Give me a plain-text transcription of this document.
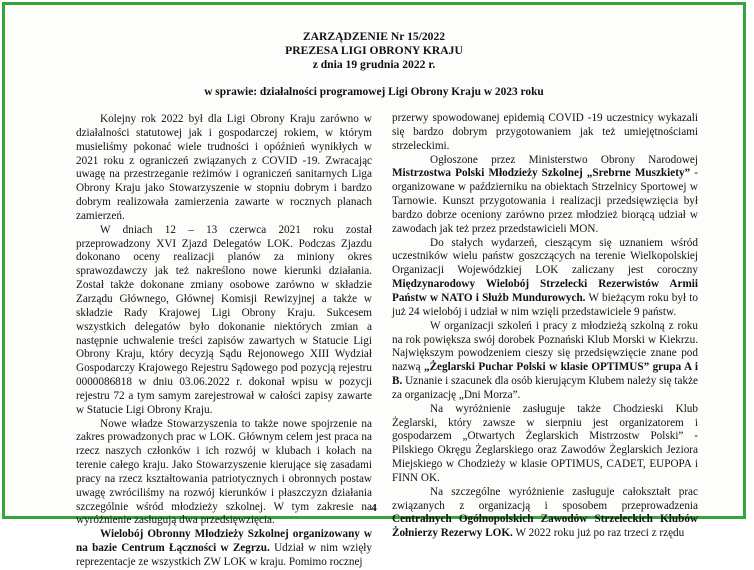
ZARZĄDZENIE Nr 15/2022
PREZESA LIGI OBRONY KRAJU
z dnia 19 grudnia 2022 r.
w sprawie: działalności programowej Ligi Obrony Kraju w 2023 roku

Kolejny rok 2022 był dla Ligi Obrony Kraju zarówno w działalności statutowej jak i gospodarczej rokiem, w którym musieliśmy pokonać wiele trudności i opóźnień wynikłych w 2021 roku z ograniczeń związanych z COVID -19. Zwracając uwagę na przestrzeganie reżimów i ograniczeń sanitarnych Liga Obrony Kraju jako Stowarzyszenie w stopniu dobrym i bardzo dobrym realizowała zamierzenia zawarte w rocznych planach zamierzeń.

W dniach 12 – 13 czerwca 2021 roku został przeprowadzony XVI Zjazd Delegatów LOK. Podczas Zjazdu dokonano oceny realizacji planów za miniony okres sprawozdawczy jak też nakreślono nowe kierunki działania. Został także dokonane zmiany osobowe zarówno w składzie Zarządu Głównego, Głównej Komisji Rewizyjnej a także w składzie Rady Krajowej Ligi Obrony Kraju. Sukcesem wszystkich delegatów było dokonanie niektórych zmian a następnie uchwalenie treści zapisów zawartych w Statucie Ligi Obrony Kraju, który decyzją Sądu Rejonowego XIII Wydział Gospodarczy Krajowego Rejestru Sądowego pod pozycją rejestru 0000086818 w dniu 03.06.2022 r. dokonał wpisu w pozycji rejestru 72 a tym samym zarejestrował w całości zapisy zawarte w Statucie Ligi Obrony Kraju.

Nowe władze Stowarzyszenia to także nowe spojrzenie na zakres prowadzonych prac w LOK. Głównym celem jest praca na rzecz naszych członków i ich rozwój w klubach i kołach na terenie całego kraju. Jako Stowarzyszenie kierujące się zasadami pracy na rzecz kształtowania patriotycznych i obronnych postaw uwagę zwróciliśmy na rozwój kierunków i płaszczyzn działania szczególnie wśród młodzieży szkolnej. W tym zakresie na wyróżnienie zasługują dwa przedsięwzięcia.

Wielobój Obronny Młodzieży Szkolnej organizowany w na bazie Centrum Łączności w Zegrzu. Udział w nim wzięły reprezentacje ze wszystkich ZW LOK w kraju. Pomimo rocznej

przerwy spowodowanej epidemią COVID -19 uczestnicy wykazali się bardzo dobrym przygotowaniem jak też umiejętnościami strzeleckimi.

Ogłoszone przez Ministerstwo Obrony Narodowej Mistrzostwa Polski Młodzieży Szkolnej „Srebrne Muszkiety” - organizowane w październiku na obiektach Strzelnicy Sportowej w Tarnowie. Kunszt przygotowania i realizacji przedsięwzięcia był bardzo dobrze oceniony zarówno przez młodzież biorącą udział w zawodach jak też przez przedstawicieli MON.

Do stałych wydarzeń, cieszącym się uznaniem wśród uczestników wielu państw goszczących na terenie Wielkopolskiej Organizacji Wojewódzkiej LOK zaliczany jest coroczny Międzynarodowy Wielobój Strzelecki Rezerwistów Armii Państw w NATO i Służb Mundurowych. W bieżącym roku był to już 24 wielobój i udział w nim wzięli przedstawiciele 9 państw.

W organizacji szkoleń i pracy z młodzieżą szkolną z roku na rok powiększa swój dorobek Poznański Klub Morski w Kiekrzu. Największym powodzeniem cieszy się przedsięwzięcie znane pod nazwą „Żeglarski Puchar Polski w klasie OPTIMUS” grupa A i B. Uznanie i szacunek dla osób kierującym Klubem należy się także za organizację „Dni Morza”.

Na wyróżnienie zasługuje także Chodzieski Klub Żeglarski, który zawsze w sierpniu jest organizatorem i gospodarzem „Otwartych Żeglarskich Mistrzostw Polski” - Pilskiego Okręgu Żeglarskiego oraz Zawodów Żeglarskich Jeziora Miejskiego w Chodzieży w klasie OPTIMUS, CADET, EUPOPA i FINN OK.

Na szczególne wyróżnienie zasługuje całokształt prac związanych z organizacją i sposobem przeprowadzenia Centralnych Ogólnopolskich Zawodów Strzeleckich Klubów Żołnierzy Rezerwy LOK. W 2022 roku już po raz trzeci z rzędu

4
